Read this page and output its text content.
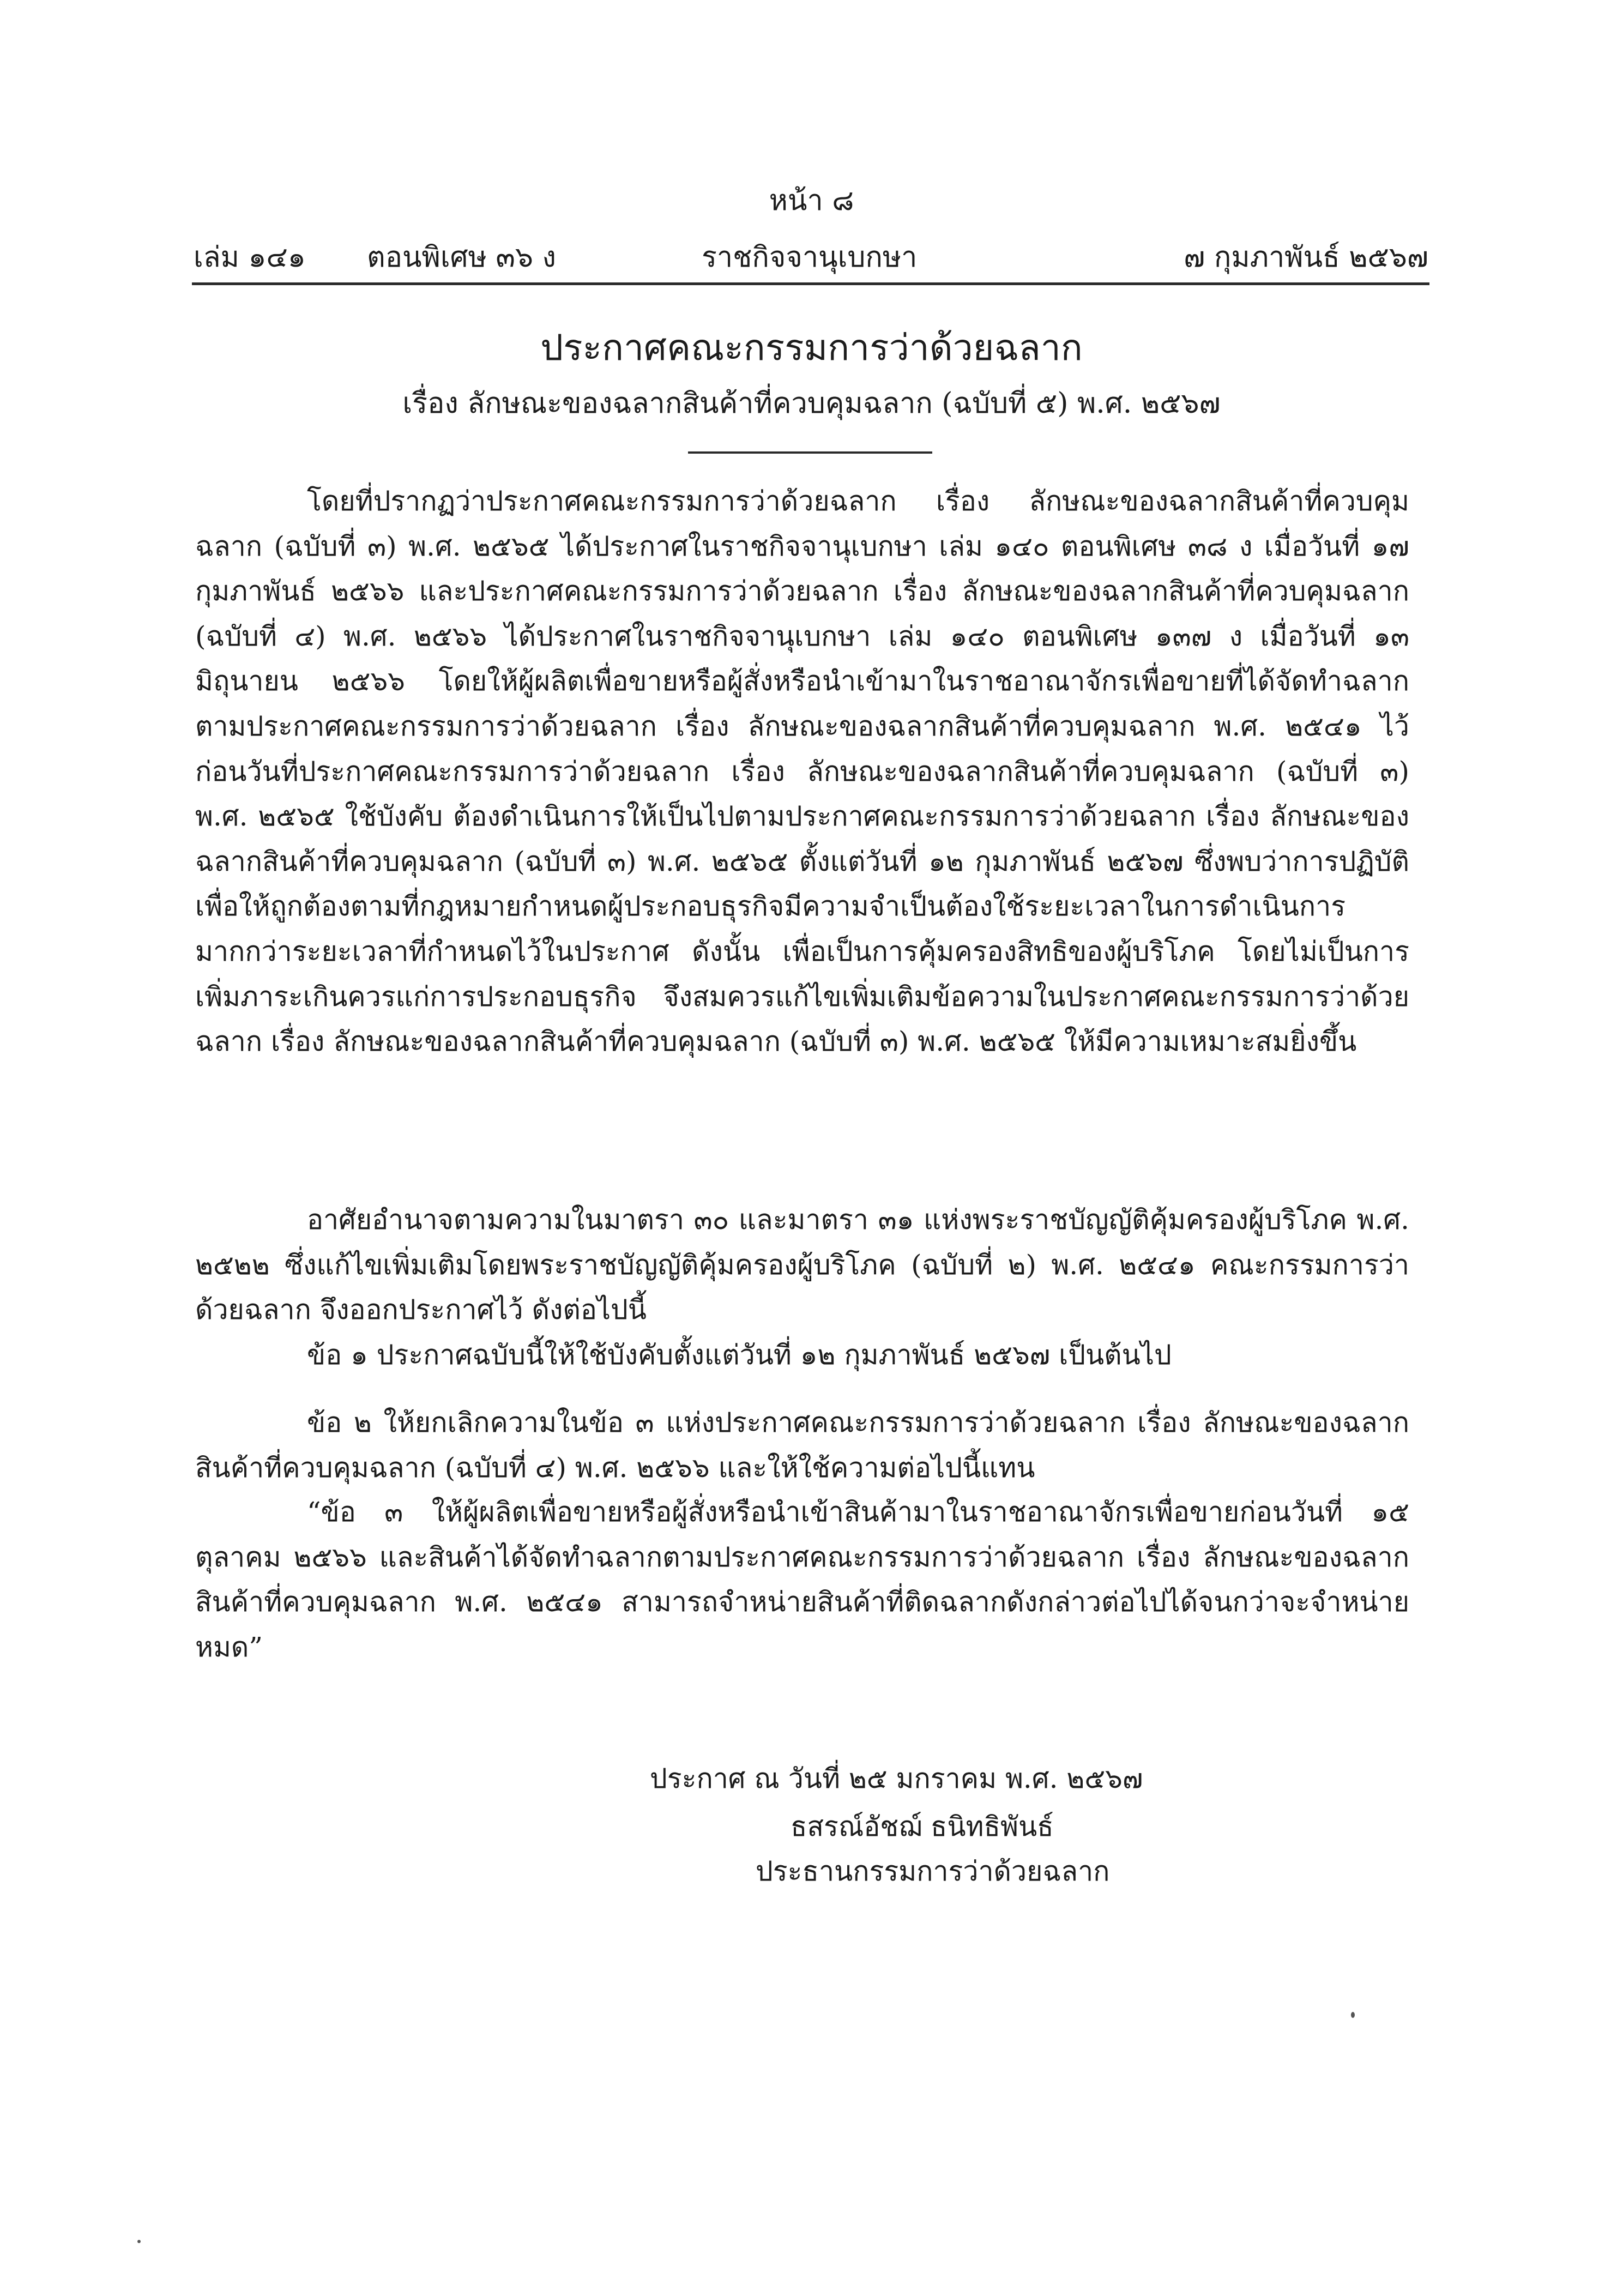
หน้า ๘
เล่ม ๑๔๑ ตอนพิเศษ ๓๖ ง	ราชกิจจานุเบกษา	๗ กุมภาพันธ์ ๒๕๖๗
ประกาศคณะกรรมการว่าด้วยฉลาก
เรื่อง ลักษณะของฉลากสินค้าที่ควบคุมฉลาก (ฉบับที่ ๕) พ.ศ. ๒๕๖๗

โดยที่ปรากฏว่าประกาศคณะกรรมการว่าด้วยฉลาก เรื่อง ลักษณะของฉลากสินค้าที่ควบคุมฉลาก (ฉบับที่ ๓) พ.ศ. ๒๕๖๕ ได้ประกาศในราชกิจจานุเบกษา เล่ม ๑๔๐ ตอนพิเศษ ๓๘ ง เมื่อวันที่ ๑๗ กุมภาพันธ์ ๒๕๖๖ และประกาศคณะกรรมการว่าด้วยฉลาก เรื่อง ลักษณะของฉลากสินค้าที่ควบคุมฉลาก (ฉบับที่ ๔) พ.ศ. ๒๕๖๖ ได้ประกาศในราชกิจจานุเบกษา เล่ม ๑๔๐ ตอนพิเศษ ๑๓๗ ง เมื่อวันที่ ๑๓ มิถุนายน ๒๕๖๖ โดยให้ผู้ผลิตเพื่อขายหรือผู้สั่งหรือนำเข้ามาในราชอาณาจักรเพื่อขายที่ได้จัดทำฉลากตามประกาศคณะกรรมการว่าด้วยฉลาก เรื่อง ลักษณะของฉลากสินค้าที่ควบคุมฉลาก พ.ศ. ๒๕๔๑ ไว้ก่อนวันที่ประกาศคณะกรรมการว่าด้วยฉลาก เรื่อง ลักษณะของฉลากสินค้าที่ควบคุมฉลาก (ฉบับที่ ๓) พ.ศ. ๒๕๖๕ ใช้บังคับ ต้องดำเนินการให้เป็นไปตามประกาศคณะกรรมการว่าด้วยฉลาก เรื่อง ลักษณะของฉลากสินค้าที่ควบคุมฉลาก (ฉบับที่ ๓) พ.ศ. ๒๕๖๕ ตั้งแต่วันที่ ๑๒ กุมภาพันธ์ ๒๕๖๗ ซึ่งพบว่าการปฏิบัติเพื่อให้ถูกต้องตามที่กฎหมายกำหนดผู้ประกอบธุรกิจมีความจำเป็นต้องใช้ระยะเวลาในการดำเนินการมากกว่าระยะเวลาที่กำหนดไว้ในประกาศ ดังนั้น เพื่อเป็นการคุ้มครองสิทธิของผู้บริโภค โดยไม่เป็นการเพิ่มภาระเกินควรแก่การประกอบธุรกิจ จึงสมควรแก้ไขเพิ่มเติมข้อความในประกาศคณะกรรมการว่าด้วยฉลาก เรื่อง ลักษณะของฉลากสินค้าที่ควบคุมฉลาก (ฉบับที่ ๓) พ.ศ. ๒๕๖๕ ให้มีความเหมาะสมยิ่งขึ้น

อาศัยอำนาจตามความในมาตรา ๓๐ และมาตรา ๓๑ แห่งพระราชบัญญัติคุ้มครองผู้บริโภค พ.ศ. ๒๕๒๒ ซึ่งแก้ไขเพิ่มเติมโดยพระราชบัญญัติคุ้มครองผู้บริโภค (ฉบับที่ ๒) พ.ศ. ๒๕๔๑ คณะกรรมการว่าด้วยฉลาก จึงออกประกาศไว้ ดังต่อไปนี้

ข้อ ๑ ประกาศฉบับนี้ให้ใช้บังคับตั้งแต่วันที่ ๑๒ กุมภาพันธ์ ๒๕๖๗ เป็นต้นไป

ข้อ ๒ ให้ยกเลิกความในข้อ ๓ แห่งประกาศคณะกรรมการว่าด้วยฉลาก เรื่อง ลักษณะของฉลากสินค้าที่ควบคุมฉลาก (ฉบับที่ ๔) พ.ศ. ๒๕๖๖ และให้ใช้ความต่อไปนี้แทน

“ข้อ ๓ ให้ผู้ผลิตเพื่อขายหรือผู้สั่งหรือนำเข้าสินค้ามาในราชอาณาจักรเพื่อขายก่อนวันที่ ๑๕ ตุลาคม ๒๕๖๖ และสินค้าได้จัดทำฉลากตามประกาศคณะกรรมการว่าด้วยฉลาก เรื่อง ลักษณะของฉลากสินค้าที่ควบคุมฉลาก พ.ศ. ๒๕๔๑ สามารถจำหน่ายสินค้าที่ติดฉลากดังกล่าวต่อไปได้จนกว่าจะจำหน่ายหมด”

ประกาศ ณ วันที่ ๒๕ มกราคม พ.ศ. ๒๕๖๗
ธสรณ์อัชฌ์ ธนิทธิพันธ์
ประธานกรรมการว่าด้วยฉลาก
